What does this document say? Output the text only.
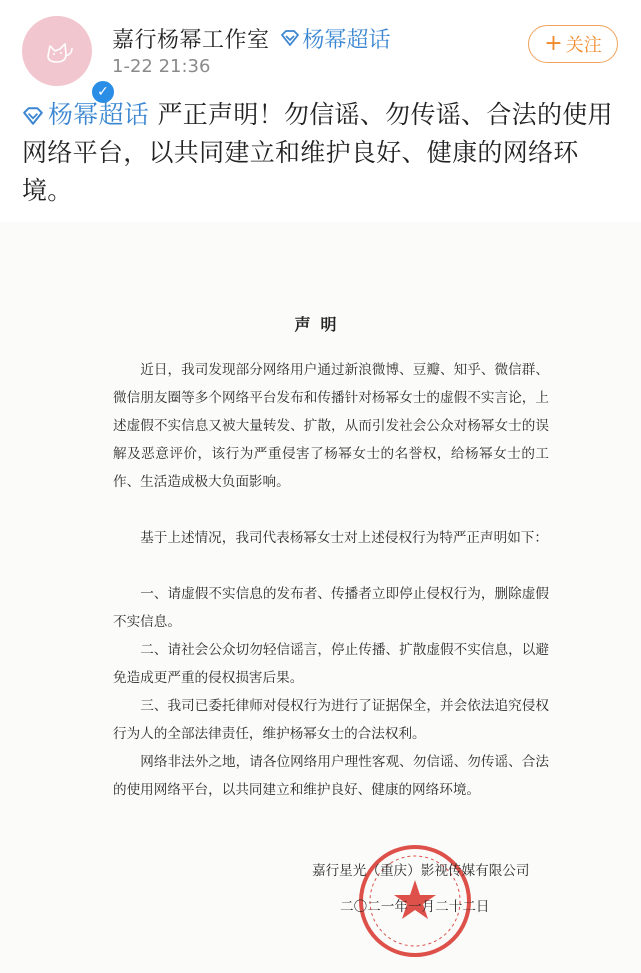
✓
嘉行杨幂工作室 杨幂超话
1-22 21:36
+ 关注
杨幂超话 严正声明！勿信谣、勿传谣、合法的使用网络平台，以共同建立和维护良好、健康的网络环境。
声明

近日，我司发现部分网络用户通过新浪微博、豆瓣、知乎、微信群、微信朋友圈等多个网络平台发布和传播针对杨幂女士的虚假不实言论，上述虚假不实信息又被大量转发、扩散，从而引发社会公众对杨幂女士的误解及恶意评价，该行为严重侵害了杨幂女士的名誉权，给杨幂女士的工作、生活造成极大负面影响。

基于上述情况，我司代表杨幂女士对上述侵权行为特严正声明如下：

一、请虚假不实信息的发布者、传播者立即停止侵权行为，删除虚假不实信息。

二、请社会公众切勿轻信谣言，停止传播、扩散虚假不实信息，以避免造成更严重的侵权损害后果。

三、我司已委托律师对侵权行为进行了证据保全，并会依法追究侵权行为人的全部法律责任，维护杨幂女士的合法权利。

网络非法外之地，请各位网络用户理性客观、勿信谣、勿传谣、合法的使用网络平台，以共同建立和维护良好、健康的网络环境。

嘉行星光（重庆）影视传媒有限公司
二〇二一年一月二十二日
